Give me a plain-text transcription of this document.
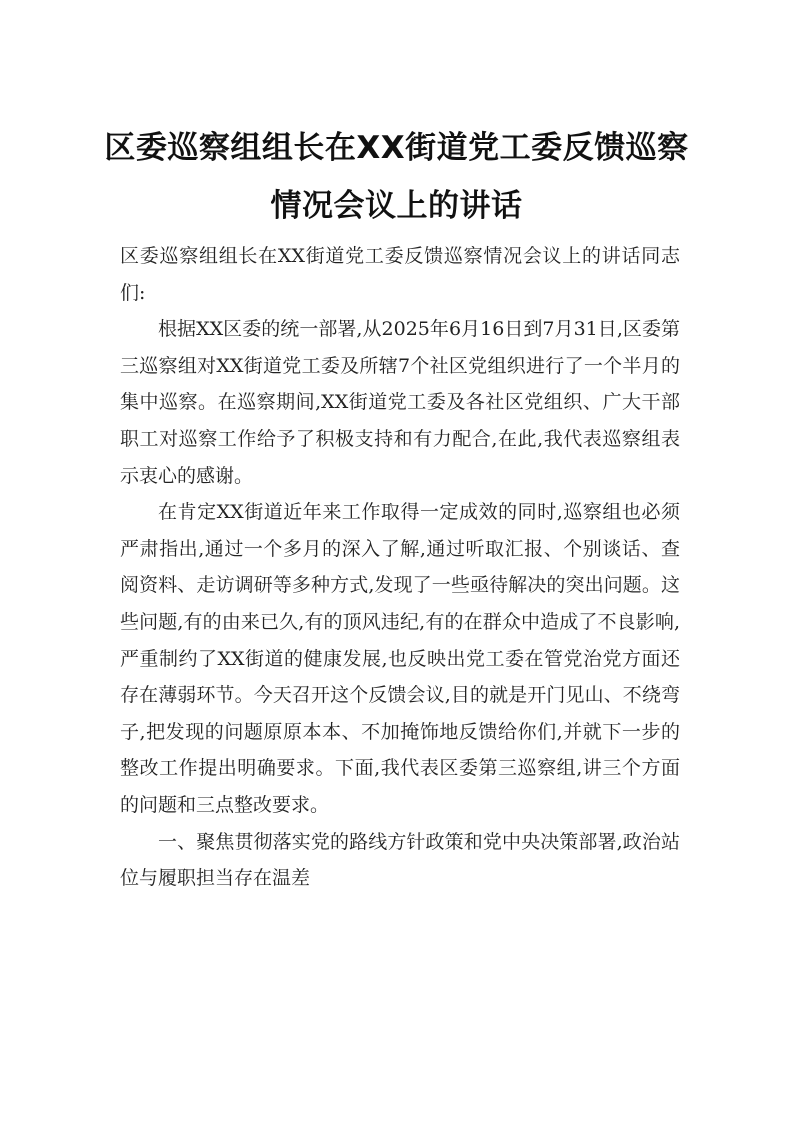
区委巡察组组长在XX街道党工委反馈巡察情况会议上的讲话

区委巡察组组长在XX街道党工委反馈巡察情况会议上的讲话同志们:

根据XX区委的统一部署,从2025年6月16日到7月31日,区委第三巡察组对XX街道党工委及所辖7个社区党组织进行了一个半月的集中巡察。在巡察期间,XX街道党工委及各社区党组织、广大干部职工对巡察工作给予了积极支持和有力配合,在此,我代表巡察组表示衷心的感谢。

在肯定XX街道近年来工作取得一定成效的同时,巡察组也必须严肃指出,通过一个多月的深入了解,通过听取汇报、个别谈话、查阅资料、走访调研等多种方式,发现了一些亟待解决的突出问题。这些问题,有的由来已久,有的顶风违纪,有的在群众中造成了不良影响,严重制约了XX街道的健康发展,也反映出党工委在管党治党方面还存在薄弱环节。今天召开这个反馈会议,目的就是开门见山、不绕弯子,把发现的问题原原本本、不加掩饰地反馈给你们,并就下一步的整改工作提出明确要求。下面,我代表区委第三巡察组,讲三个方面的问题和三点整改要求。

一、聚焦贯彻落实党的路线方针政策和党中央决策部署,政治站位与履职担当存在温差
